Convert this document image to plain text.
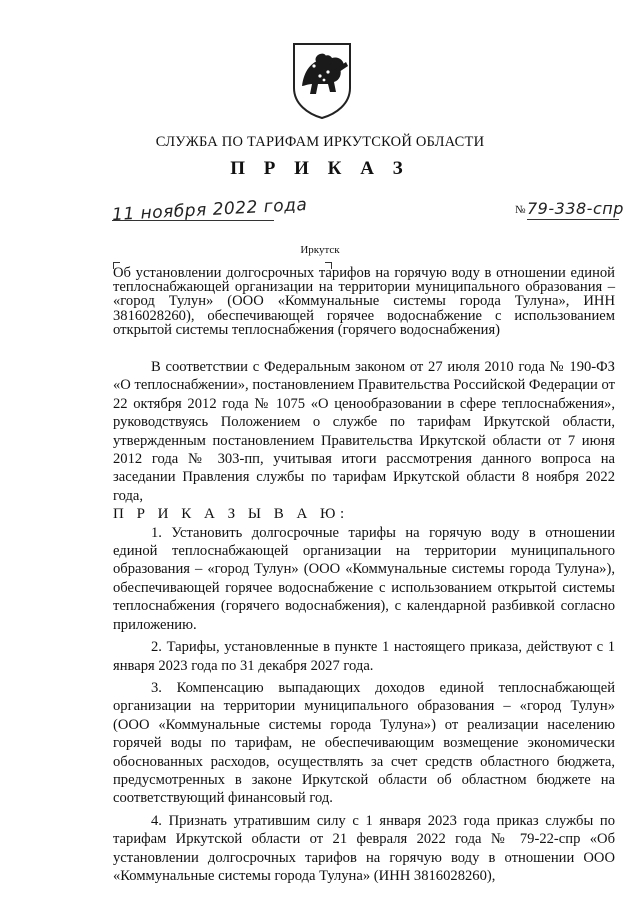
СЛУЖБА ПО ТАРИФАМ ИРКУТСКОЙ ОБЛАСТИ
П Р И К А З
11 ноября 2022 года	№ 79-338-спр
Иркутск
Об установлении долгосрочных тарифов на горячую воду в отношении единой теплоснабжающей организации на территории муниципального образования – «город Тулун» (ООО «Коммунальные системы города Тулуна», ИНН 3816028260), обеспечивающей горячее водоснабжение с использованием открытой системы теплоснабжения (горячего водоснабжения)

В соответствии с Федеральным законом от 27 июля 2010 года № 190-ФЗ «О теплоснабжении», постановлением Правительства Российской Федерации от 22 октября 2012 года № 1075 «О ценообразовании в сфере теплоснабжения», руководствуясь Положением о службе по тарифам Иркутской области, утвержденным постановлением Правительства Иркутской области от 7 июня 2012 года № 303-пп, учитывая итоги рассмотрения данного вопроса на заседании Правления службы по тарифам Иркутской области 8 ноября 2022 года,

П Р И К А З Ы В А Ю:

1. Установить долгосрочные тарифы на горячую воду в отношении единой теплоснабжающей организации на территории муниципального образования – «город Тулун» (ООО «Коммунальные системы города Тулуна»), обеспечивающей горячее водоснабжение с использованием открытой системы теплоснабжения (горячего водоснабжения), с календарной разбивкой согласно приложению.

2. Тарифы, установленные в пункте 1 настоящего приказа, действуют с 1 января 2023 года по 31 декабря 2027 года.

3. Компенсацию выпадающих доходов единой теплоснабжающей организации на территории муниципального образования – «город Тулун» (ООО «Коммунальные системы города Тулуна») от реализации населению горячей воды по тарифам, не обеспечивающим возмещение экономически обоснованных расходов, осуществлять за счет средств областного бюджета, предусмотренных в законе Иркутской области об областном бюджете на соответствующий финансовый год.

4. Признать утратившим силу с 1 января 2023 года приказ службы по тарифам Иркутской области от 21 февраля 2022 года № 79-22-спр «Об установлении долгосрочных тарифов на горячую воду в отношении ООО «Коммунальные системы города Тулуна» (ИНН 3816028260),
